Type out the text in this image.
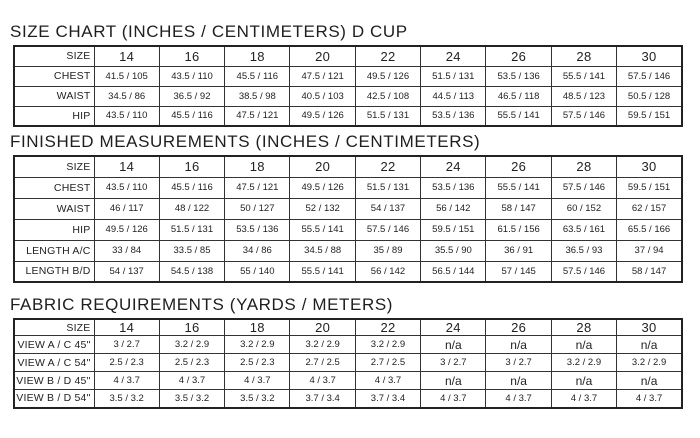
SIZE CHART (INCHES / CENTIMETERS) D CUP
SIZE	14	16	18	20	22	24	26	28	30
CHEST	41.5 / 105	43.5 / 110	45.5 / 116	47.5 / 121	49.5 / 126	51.5 / 131	53.5 / 136	55.5 / 141	57.5 / 146
WAIST	34.5 / 86	36.5 / 92	38.5 / 98	40.5 / 103	42.5 / 108	44.5 / 113	46.5 / 118	48.5 / 123	50.5 / 128
HIP	43.5 / 110	45.5 / 116	47.5 / 121	49.5 / 126	51.5 / 131	53.5 / 136	55.5 / 141	57.5 / 146	59.5 / 151
FINISHED MEASUREMENTS (INCHES / CENTIMETERS)
SIZE	14	16	18	20	22	24	26	28	30
CHEST	43.5 / 110	45.5 / 116	47.5 / 121	49.5 / 126	51.5 / 131	53.5 / 136	55.5 / 141	57.5 / 146	59.5 / 151
WAIST	46 / 117	48 / 122	50 / 127	52 / 132	54 / 137	56 / 142	58 / 147	60 / 152	62 / 157
HIP	49.5 / 126	51.5 / 131	53.5 / 136	55.5 / 141	57.5 / 146	59.5 / 151	61.5 / 156	63.5 / 161	65.5 / 166
LENGTH A/C	33 / 84	33.5 / 85	34 / 86	34.5 / 88	35 / 89	35.5 / 90	36 / 91	36.5 / 93	37 / 94
LENGTH B/D	54 / 137	54.5 / 138	55 / 140	55.5 / 141	56 / 142	56.5 / 144	57 / 145	57.5 / 146	58 / 147
FABRIC REQUIREMENTS (YARDS / METERS)
SIZE	14	16	18	20	22	24	26	28	30
VIEW A / C 45"	3 / 2.7	3.2 / 2.9	3.2 / 2.9	3.2 / 2.9	3.2 / 2.9	n/a	n/a	n/a	n/a
VIEW A / C 54"	2.5 / 2.3	2.5 / 2.3	2.5 / 2.3	2.7 / 2.5	2.7 / 2.5	3 / 2.7	3 / 2.7	3.2 / 2.9	3.2 / 2.9
VIEW B / D 45"	4 / 3.7	4 / 3.7	4 / 3.7	4 / 3.7	4 / 3.7	n/a	n/a	n/a	n/a
VIEW B / D 54"	3.5 / 3.2	3.5 / 3.2	3.5 / 3.2	3.7 / 3.4	3.7 / 3.4	4 / 3.7	4 / 3.7	4 / 3.7	4 / 3.7
